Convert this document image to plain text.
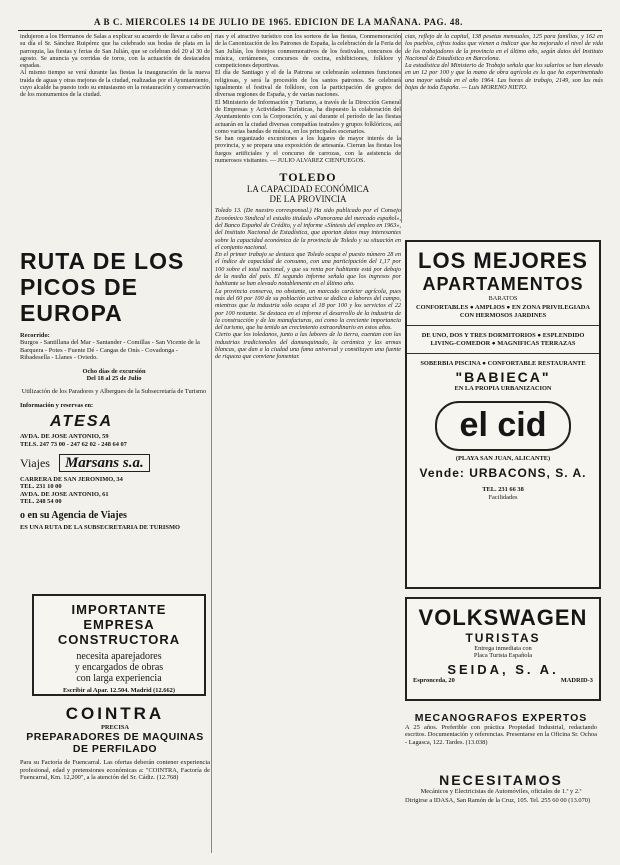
A B C. MIERCOLES 14 DE JULIO DE 1965. EDICION DE LA MAÑANA. PAG. 48.
indujeron a los Hermanos de Salas a explicar su acuerdo de llevar a cabo en su día el Sr. Sánchez Ruipérez que ha celebrado sus bodas de plata en la parroquia, las fiestas y ferias de San Julián, que se celebran del 20 al 30 de agosto. Se anuncia ya corridas de toros, con la actuación de destacados espadas.
Al mismo tiempo se verá durante las fiestas la inauguración de la nueva traída de aguas y otras mejoras de la ciudad, realizadas por el Ayuntamiento, cuyo alcalde ha puesto todo su entusiasmo en la restauración y conservación de los monumentos de la ciudad.
RUTA DE LOS
PICOS DE EUROPA
Recorrido:
Burgos - Santillana del Mar - Santander - Comillas - San Vicente de la Barquera - Potes - Fuente Dé - Cangas de Onís - Covadonga - Ribadesella - Llanes - Oviedo.
Ocho días de excursión
Del 18 al 25 de Julio
Utilización de los Paradores y Albergues de la Subsecretaría de Turismo
Información y reservas en:
ATESA
AVDA. DE JOSE ANTONIO, 59
TELS. 247 73 00 - 247 62 02 - 248 64 07
Viajes Marsans s.a.
CARRERA DE SAN JERONIMO, 34
TEL. 231 10 00
AVDA. DE JOSE ANTONIO, 61
TEL. 248 54 00
o en su Agencia de Viajes
ES UNA RUTA DE LA SUBSECRETARIA DE TURISMO
IMPORTANTE EMPRESA
CONSTRUCTORA
necesita aparejadores
y encargados de obras
con larga experiencia
Escribir al Apar. 12.504. Madrid (12.662)
COINTRA
PRECISA
PREPARADORES DE MAQUINAS
DE PERFILADO
Para su Factoría de Fuencarral. Las ofertas deberán contener experiencia profesional, edad y pretensiones económicas a: "COINTRA, Factoría de Fuencarral, Km. 12,200", a la atención del Sr. Cádiz. (12.768)
rias y el atractivo turístico con los sorteos de las fiestas, Conmemoración de la Canonización de los Patrones de España, la celebración de la Feria de San Julián, los festejos conmemorativos de los festivales, concursos de música, certámenes, concursos de cocina, exhibiciones, folklore y competiciones deportivas.
El día de Santiago y el de la Patrona se celebrarán solemnes funciones religiosas, y será la procesión de los santos patronos. Se celebrará igualmente el festival de folklore, con la participación de grupos de diversas regiones de España, y de varias naciones.
El Ministerio de Información y Turismo, a través de la Dirección General de Empresas y Actividades Turísticas, ha dispuesto la colaboración del Ayuntamiento con la Corporación, y así durante el período de las fiestas actuarán en la ciudad diversas compañías teatrales y grupos folklóricos, así como varias bandas de música, en los principales escenarios.
Se han organizado excursiones a los lugares de mayor interés de la provincia, y se prepara una exposición de artesanía. Cierran las fiestas los fuegos artificiales y el concurso de carrozas, con la asistencia de numerosos visitantes. — JULIO ALVAREZ CIENFUEGOS.
TOLEDO
LA CAPACIDAD ECONÓMICA
DE LA PROVINCIA
Toledo 13. (De nuestro corresponsal.) Ha sido publicado por el Consejo Económico Sindical el estudio titulado «Panorama del mercado español», del Banco Español de Crédito, y el informe «Síntesis del empleo en 1963», del Instituto Nacional de Estadística, que aportan datos muy interesantes sobre la capacidad económica de la provincia de Toledo y su situación en el conjunto nacional.
En el primer trabajo se destaca que Toledo ocupa el puesto número 28 en el índice de capacidad de consumo, con una participación del 1,17 por 100 sobre el total nacional, y que su renta por habitante está por debajo de la media del país. El segundo informe señala que los ingresos por habitante se han elevado notablemente en el último año.
La provincia conserva, no obstante, un marcado carácter agrícola, pues más del 60 por 100 de su población activa se dedica a labores del campo, mientras que la industria sólo ocupa el 18 por 100 y los servicios el 22 por 100 restante. Se destaca en el informe el desarrollo de la industria de la construcción y de las manufacturas, así como la creciente importancia del turismo, que ha tenido un crecimiento extraordinario en estos años.
Cierto que los toledanos, junto a las labores de la tierra, cuentan con las industrias tradicionales del damasquinado, la cerámica y las armas blancas, que dan a la ciudad una fama universal y constituyen una fuente de riqueza que conviene fomentar.
cias, reflejo de la capital, 138 pesetas mensuales, 125 para familias, y 162 en los pueblos, cifras todas que vienen a indicar que ha mejorado el nivel de vida de los trabajadores de la provincia en el último año, según datos del Instituto Nacional de Estadística en Barcelona.
La estadística del Ministerio de Trabajo señala que los salarios se han elevado en un 12 por 100 y que la mano de obra agrícola es la que ha experimentado una mayor subida en el año 1964. Las horas de trabajo, 2149, son las más bajas de toda España. — Luis MORENO NIETO.
LOS MEJORES
APARTAMENTOS
BARATOS
CONFORTABLES ● AMPLIOS ● EN ZONA PRIVILEGIADA CON HERMOSOS JARDINES
DE UNO, DOS Y TRES DORMITORIOS ● ESPLENDIDO LIVING-COMEDOR ● MAGNIFICAS TERRAZAS
SOBERBIA PISCINA ● CONFORTABLE RESTAURANTE
"BABIECA"
EN LA PROPIA URBANIZACION
el cid
(PLAYA SAN JUAN, ALICANTE)
Vende: URBACONS, S. A.
TEL. 231 66 38
Facilidades
VOLKSWAGEN
TURISTAS
Entrega inmediata con
Placa Turista Española
SEIDA, S. A.
Espronceda, 20	MADRID-3
MECANOGRAFOS EXPERTOS
A 25 años. Preferible con práctica Propiedad Industrial, redactando escritos. Documentación y referencias. Presentarse en la Oficina Sr. Ochoa - Lagasca, 122. Tardes. (13.038)
NECESITAMOS
Mecánicos y Electricistas de Automóviles, oficiales de 1.ª y 2.ª
Dirigirse a IDASA, San Ramón de la Cruz, 105. Tel. 255 60 00 (13.070)
